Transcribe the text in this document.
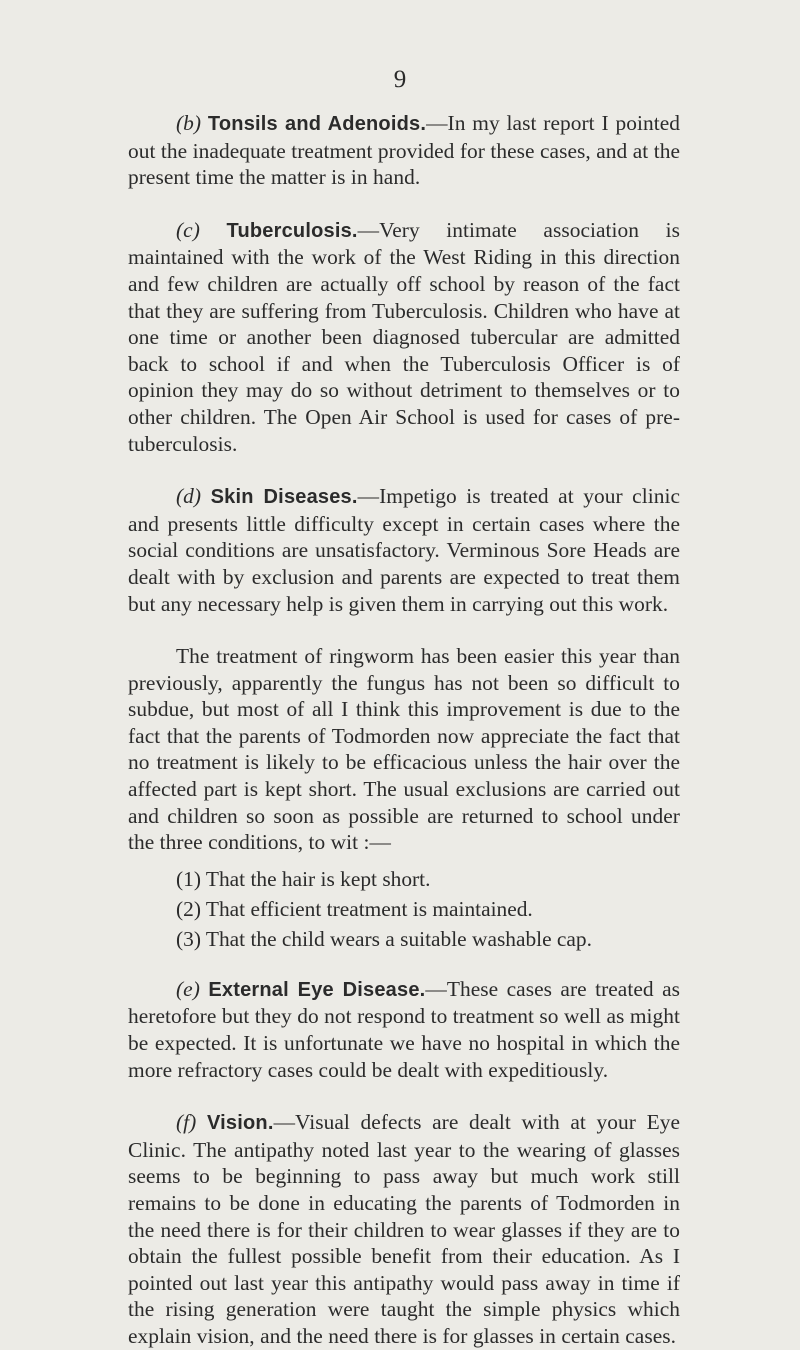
9

(b) Tonsils and Adenoids.—In my last report I pointed out the inadequate treatment provided for these cases, and at the present time the matter is in hand.

(c) Tuberculosis.—Very intimate association is maintained with the work of the West Riding in this direction and few children are actually off school by reason of the fact that they are suffering from Tuberculosis. Children who have at one time or another been diagnosed tubercular are admitted back to school if and when the Tuberculosis Officer is of opinion they may do so without detriment to themselves or to other children. The Open Air School is used for cases of pre-tuberculosis.

(d) Skin Diseases.—Impetigo is treated at your clinic and presents little difficulty except in certain cases where the social conditions are unsatisfactory. Verminous Sore Heads are dealt with by exclusion and parents are expected to treat them but any necessary help is given them in carrying out this work.

The treatment of ringworm has been easier this year than previously, apparently the fungus has not been so difficult to subdue, but most of all I think this improvement is due to the fact that the parents of Todmorden now appreciate the fact that no treatment is likely to be efficacious unless the hair over the affected part is kept short. The usual exclusions are carried out and children so soon as possible are returned to school under the three conditions, to wit :—

(1) That the hair is kept short.
(2) That efficient treatment is maintained.
(3) That the child wears a suitable washable cap.

(e) External Eye Disease.—These cases are treated as heretofore but they do not respond to treatment so well as might be expected. It is unfortunate we have no hospital in which the more refractory cases could be dealt with expeditiously.

(f) Vision.—Visual defects are dealt with at your Eye Clinic. The antipathy noted last year to the wearing of glasses seems to be beginning to pass away but much work still remains to be done in educating the parents of Todmorden in the need there is for their children to wear glasses if they are to obtain the fullest possible benefit from their education. As I pointed out last year this antipathy would pass away in time if the rising generation were taught the simple physics which explain vision, and the need there is for glasses in certain cases.
